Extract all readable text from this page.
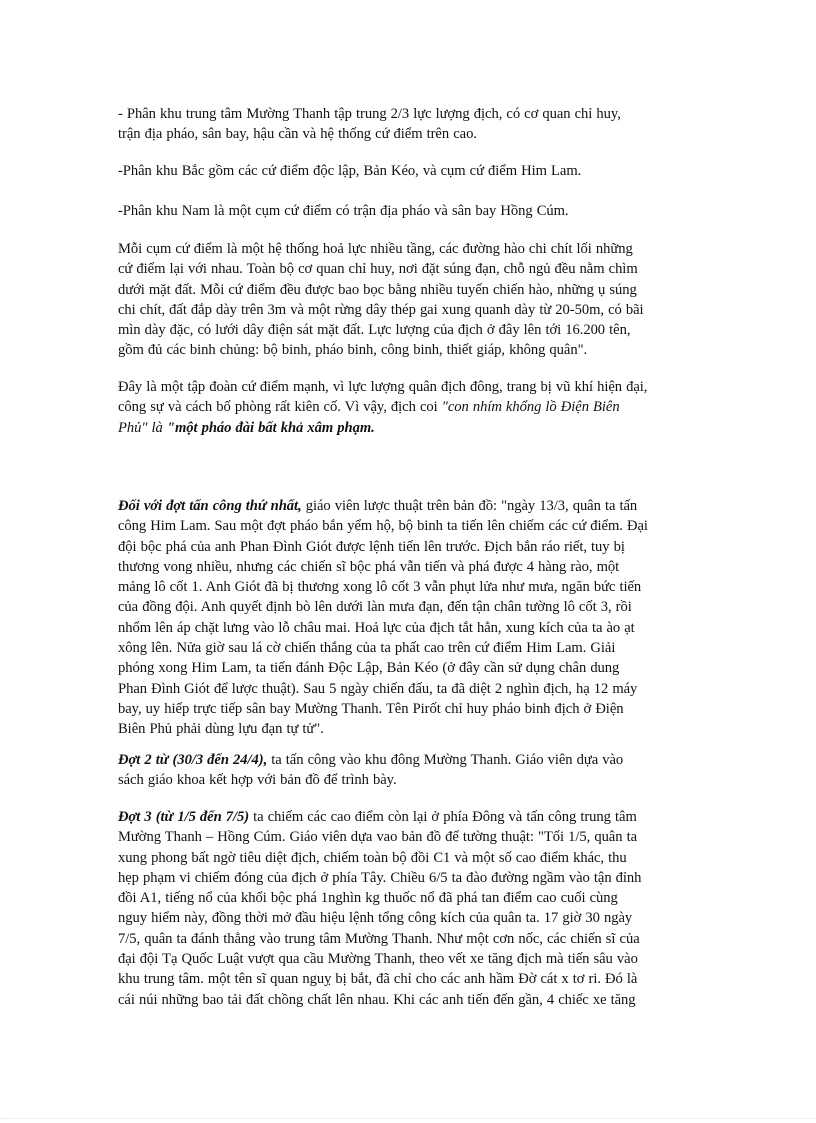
- Phân khu trung tâm Mường Thanh tập trung 2/3 lực lượng địch, có cơ quan chỉ huy,
trận địa pháo, sân bay, hậu cần và hệ thống cứ điểm trên cao.

-Phân khu Bắc gồm các cứ điểm độc lập, Bản Kéo, và cụm cứ điểm Him Lam.

-Phân khu Nam là một cụm cứ điểm có trận địa pháo và sân bay Hồng Cúm.

Mỗi cụm cứ điểm là một hệ thống hoả lực nhiều tầng, các đường hào chi chít lối những
cứ điểm lại với nhau. Toàn bộ cơ quan chỉ huy, nơi đặt súng đạn, chỗ ngủ đều nằm chìm
dưới mặt đất. Mỗi cứ điểm đều được bao bọc bằng nhiều tuyến chiến hào, những ụ súng
chi chít, đất đắp dày trên 3m và một rừng dây thép gai xung quanh dày từ 20-50m, có bãi
mìn dày đặc, có lưới dây điện sát mặt đất. Lực lượng của địch ở đây lên tới 16.200 tên,
gồm đủ các binh chủng: bộ binh, pháo binh, công binh, thiết giáp, không quân".

Đây là một tập đoàn cứ điểm mạnh, vì lực lượng quân địch đông, trang bị vũ khí hiện đại,
công sự và cách bố phòng rất kiên cố. Vì vậy, địch coi "con nhím khổng lồ Điện Biên
Phủ" là "một pháo đài bất khả xâm phạm.

Đối với đợt tấn công thứ nhất, giáo viên lược thuật trên bản đồ: "ngày 13/3, quân ta tấn
công Him Lam. Sau một đợt pháo bắn yểm hộ, bộ binh ta tiến lên chiếm các cứ điểm. Đại
đội bộc phá của anh Phan Đình Giót được lệnh tiến lên trước. Địch bắn ráo riết, tuy bị
thương vong nhiều, nhưng các chiến sĩ bộc phá vẫn tiến và phá được 4 hàng rào, một
mảng lô cốt 1. Anh Giót đã bị thương xong lô cốt 3 vẫn phụt lửa như mưa, ngăn bức tiến
của đồng đội. Anh quyết định bò lên dưới làn mưa đạn, đến tận chân tường lô cốt 3, rồi
nhổm lên áp chặt lưng vào lỗ châu mai. Hoả lực của địch tắt hẳn, xung kích của ta ào ạt
xông lên. Nửa giờ sau lá cờ chiến thắng của ta phất cao trên cứ điểm Him Lam. Giải
phóng xong Him Lam, ta tiến đánh Độc Lập, Bản Kéo (ở đây cần sử dụng chân dung
Phan Đình Giót để lược thuật). Sau 5 ngày chiến đấu, ta đã diệt 2 nghìn địch, hạ 12 máy
bay, uy hiếp trực tiếp sân bay Mường Thanh. Tên Pirốt chỉ huy pháo binh địch ở Điện
Biên Phủ phải dùng lựu đạn tự tử".

Đợt 2 từ (30/3 đến 24/4), ta tấn công vào khu đông Mường Thanh. Giáo viên dựa vào
sách giáo khoa kết hợp với bản đồ để trình bày.

Đợt 3 (từ 1/5 đến 7/5) ta chiếm các cao điểm còn lại ở phía Đông và tấn công trung tâm
Mường Thanh – Hồng Cúm. Giáo viên dựa vao bản đồ để tường thuật: "Tối 1/5, quân ta
xung phong bất ngờ tiêu diệt địch, chiếm toàn bộ đồi C1 và một số cao điểm khác, thu
hẹp phạm vi chiếm đóng của địch ở phía Tây. Chiều 6/5 ta đào đường ngầm vào tận đỉnh
đồi A1, tiếng nổ của khối bộc phá 1nghìn kg thuốc nổ đã phá tan điểm cao cuối cùng
nguy hiểm này, đồng thời mở đầu hiệu lệnh tổng công kích của quân ta. 17 giờ 30 ngày
7/5, quân ta đánh thẳng vào trung tâm Mường Thanh. Như một cơn nốc, các chiến sĩ của
đại đội Tạ Quốc Luật vượt qua cầu Mường Thanh, theo vết xe tăng địch mà tiến sâu vào
khu trung tâm. một tên sĩ quan nguỵ bị bắt, đã chỉ cho các anh hầm Đờ cát x tơ ri. Đó là
cái núi những bao tải đất chồng chất lên nhau. Khi các anh tiến đến gần, 4 chiếc xe tăng
